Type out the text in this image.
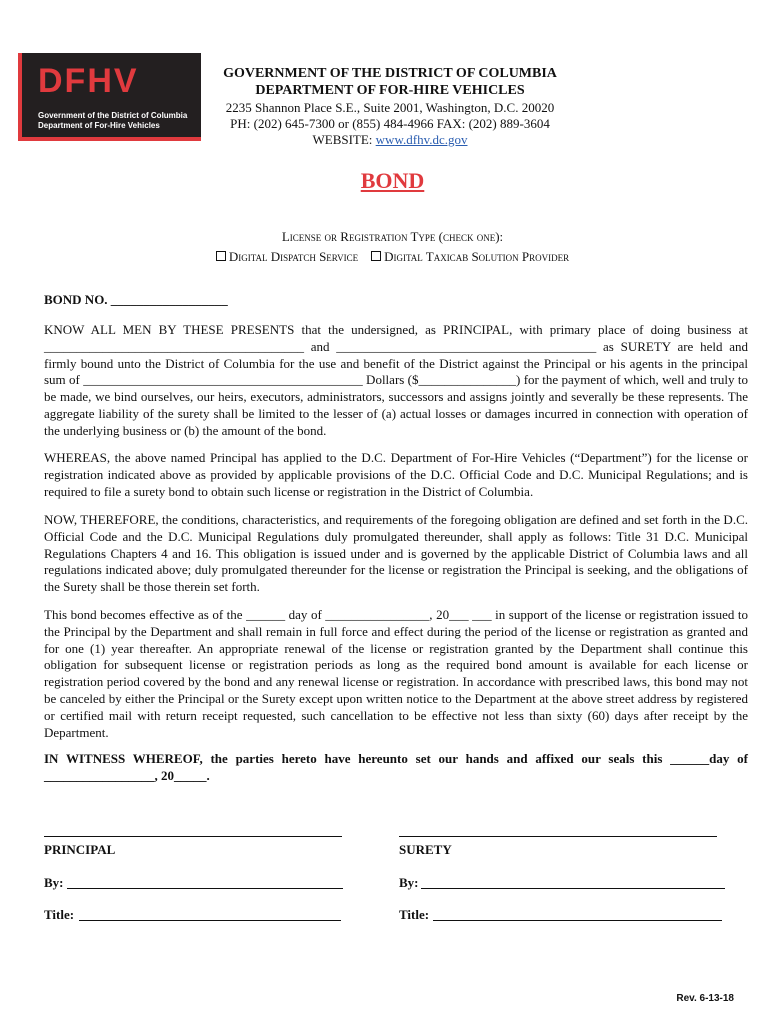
DFHV
Government of the District of Columbia
Department of For-Hire Vehicles
GOVERNMENT OF THE DISTRICT OF COLUMBIA
DEPARTMENT OF FOR-HIRE VEHICLES
2235 Shannon Place S.E., Suite 2001, Washington, D.C. 20020
PH: (202) 645-7300 or (855) 484-4966 FAX: (202) 889-3604
WEBSITE: www.dfhv.dc.gov
BOND
License or Registration Type (check one):
Digital Dispatch Service Digital Taxicab Solution Provider
BOND NO. __________________

KNOW ALL MEN BY THESE PRESENTS that the undersigned, as PRINCIPAL, with primary place of doing business at ________________________________________ and ________________________________________ as SURETY are held and firmly bound unto the District of Columbia for the use and benefit of the District against the Principal or his agents in the principal sum of ___________________________________________ Dollars ($_______________) for the payment of which, well and truly to be made, we bind ourselves, our heirs, executors, administrators, successors and assigns jointly and severally be these represents. The aggregate liability of the surety shall be limited to the lesser of (a) actual losses or damages incurred in connection with operation of the underlying business or (b) the amount of the bond.

WHEREAS, the above named Principal has applied to the D.C. Department of For-Hire Vehicles (“Department”) for the license or registration indicated above as provided by applicable provisions of the D.C. Official Code and D.C. Municipal Regulations; and is required to file a surety bond to obtain such license or registration in the District of Columbia.

NOW, THEREFORE, the conditions, characteristics, and requirements of the foregoing obligation are defined and set forth in the D.C. Official Code and the D.C. Municipal Regulations duly promulgated thereunder, shall apply as follows: Title 31 D.C. Municipal Regulations Chapters 4 and 16. This obligation is issued under and is governed by the applicable District of Columbia laws and all regulations indicated above; duly promulgated thereunder for the license or registration the Principal is seeking, and the obligations of the Surety shall be those therein set forth.

This bond becomes effective as of the ______ day of ________________, 20___ ___ in support of the license or registration issued to the Principal by the Department and shall remain in full force and effect during the period of the license or registration as granted and for one (1) year thereafter. An appropriate renewal of the license or registration granted by the Department shall continue this obligation for subsequent license or registration periods as long as the required bond amount is available for each license or registration period covered by the bond and any renewal license or registration. In accordance with prescribed laws, this bond may not be canceled by either the Principal or the Surety except upon written notice to the Department at the above street address by registered or certified mail with return receipt requested, such cancellation to be effective not less than sixty (60) days after receipt by the Department.

IN WITNESS WHEREOF, the parties hereto have hereunto set our hands and affixed our seals this ______day of _________________, 20_____.

PRINCIPAL	SURETY
By:	By:
Title:	Title:
Rev. 6-13-18
